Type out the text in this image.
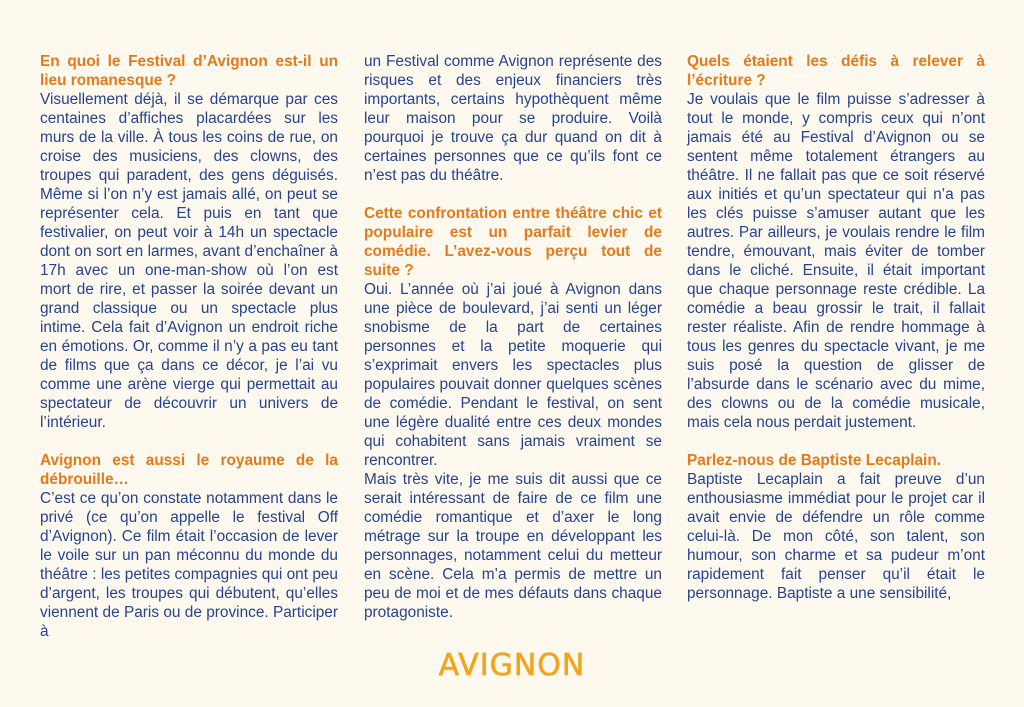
En quoi le Festival d’Avignon est-il un lieu romanesque ?

Visuellement déjà, il se démarque par ces centaines d’affiches placardées sur les murs de la ville. À tous les coins de rue, on croise des musiciens, des clowns, des troupes qui paradent, des gens déguisés. Même si l’on n’y est jamais allé, on peut se représenter cela. Et puis en tant que festivalier, on peut voir à 14h un spectacle dont on sort en larmes, avant d’enchaîner à 17h avec un one-man-show où l’on est mort de rire, et passer la soirée devant un grand classique ou un spectacle plus intime. Cela fait d’Avignon un endroit riche en émotions. Or, comme il n’y a pas eu tant de films que ça dans ce décor, je l’ai vu comme une arène vierge qui permettait au spectateur de découvrir un univers de l’intérieur.

Avignon est aussi le royaume de la débrouille…

C’est ce qu’on constate notamment dans le privé (ce qu’on appelle le festival Off d’Avignon). Ce film était l’occasion de lever le voile sur un pan méconnu du monde du théâtre : les petites compagnies qui ont peu d’argent, les troupes qui débutent, qu’elles viennent de Paris ou de province. Participer à

un Festival comme Avignon représente des risques et des enjeux financiers très importants, certains hypothèquent même leur maison pour se produire. Voilà pourquoi je trouve ça dur quand on dit à certaines personnes que ce qu’ils font ce n’est pas du théâtre.

Cette confrontation entre théâtre chic et populaire est un parfait levier de comédie. L’avez-vous perçu tout de suite ?

Oui. L’année où j’ai joué à Avignon dans une pièce de boulevard, j’ai senti un léger snobisme de la part de certaines personnes et la petite moquerie qui s’exprimait envers les spectacles plus populaires pouvait donner quelques scènes de comédie. Pendant le festival, on sent une légère dualité entre ces deux mondes qui cohabitent sans jamais vraiment se rencontrer.

Mais très vite, je me suis dit aussi que ce serait intéressant de faire de ce film une comédie romantique et d’axer le long métrage sur la troupe en développant les personnages, notamment celui du metteur en scène. Cela m’a permis de mettre un peu de moi et de mes défauts dans chaque protagoniste.

Quels étaient les défis à relever à l’écriture ?

Je voulais que le film puisse s’adresser à tout le monde, y compris ceux qui n’ont jamais été au Festival d’Avignon ou se sentent même totalement étrangers au théâtre. Il ne fallait pas que ce soit réservé aux initiés et qu’un spectateur qui n’a pas les clés puisse s’amuser autant que les autres. Par ailleurs, je voulais rendre le film tendre, émouvant, mais éviter de tomber dans le cliché. Ensuite, il était important que chaque personnage reste crédible. La comédie a beau grossir le trait, il fallait rester réaliste. Afin de rendre hommage à tous les genres du spectacle vivant, je me suis posé la question de glisser de l’absurde dans le scénario avec du mime, des clowns ou de la comédie musicale, mais cela nous perdait justement.

Parlez-nous de Baptiste Lecaplain.

Baptiste Lecaplain a fait preuve d’un enthousiasme immédiat pour le projet car il avait envie de défendre un rôle comme celui-là. De mon côté, son talent, son humour, son charme et sa pudeur m’ont rapidement fait penser qu’il était le personnage. Baptiste a une sensibilité,

AVIGNON
